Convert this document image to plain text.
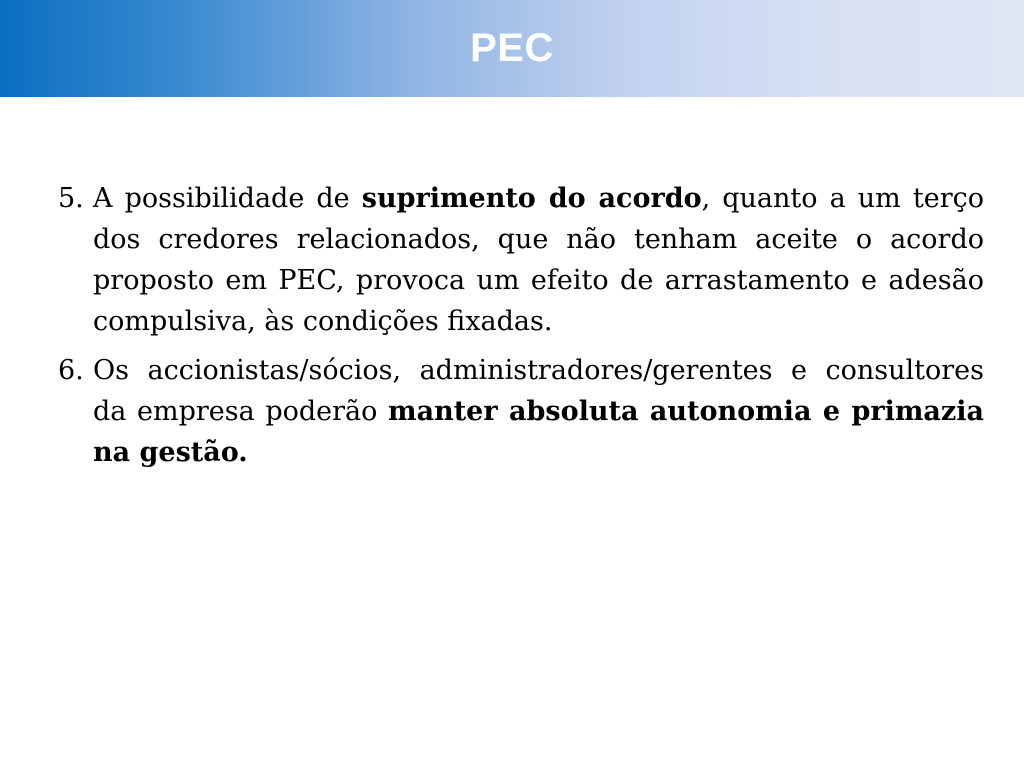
PEC
5. A possibilidade de suprimento do acordo, quanto a um terço dos credores relacionados, que não tenham aceite o acordo proposto em PEC, provoca um efeito de arrastamento e adesão compulsiva, às condições fixadas.
6. Os accionistas/sócios, administradores/gerentes e consultores da empresa poderão manter absoluta autonomia e primazia na gestão.
